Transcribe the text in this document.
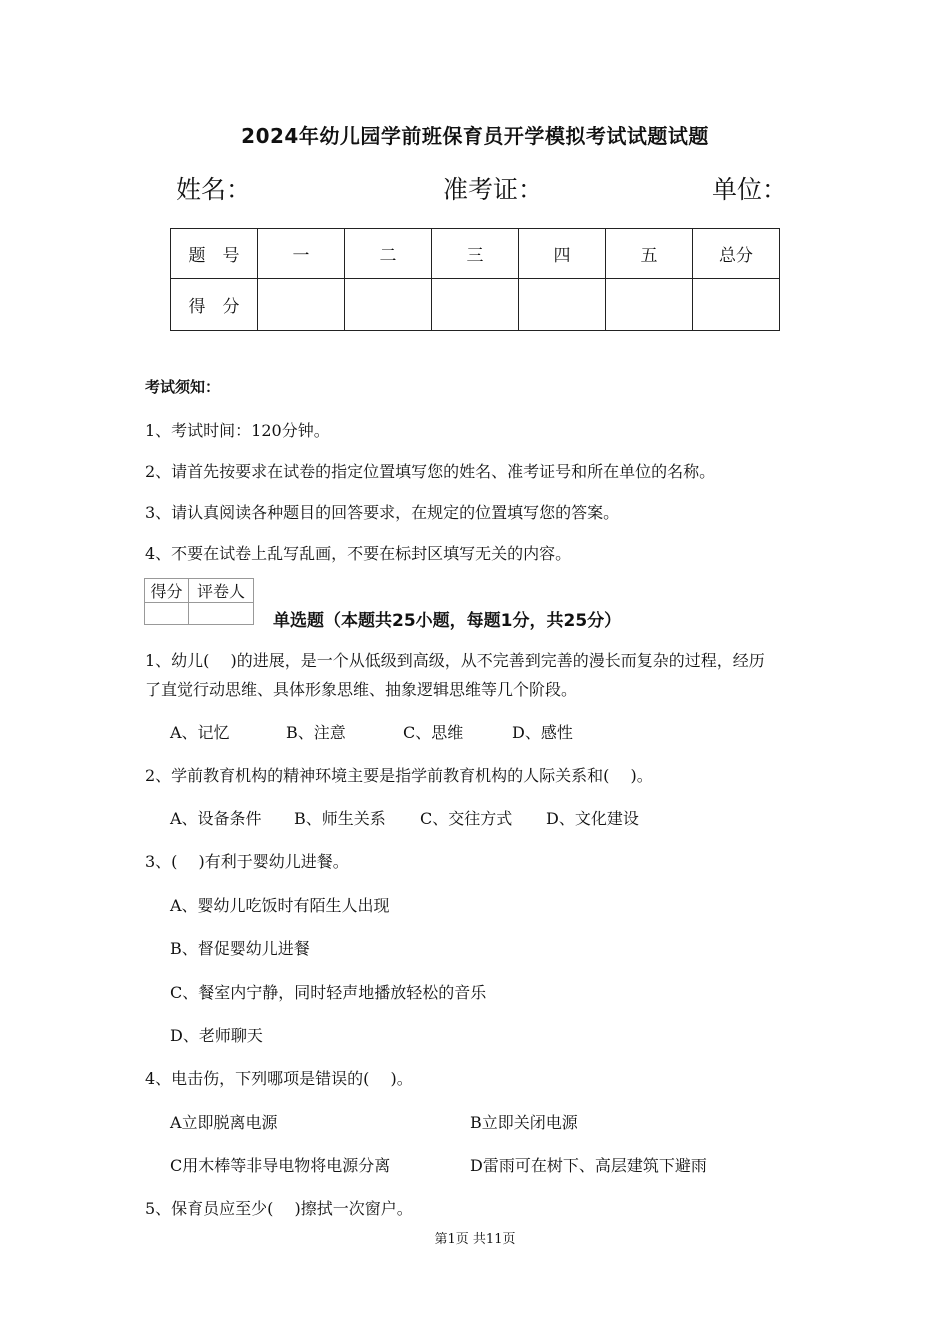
2024年幼儿园学前班保育员开学模拟考试试题试题
姓名：	准考证：	单位：
题　号	一	二	三	四	五	总分
得　分						
考试须知：
1、考试时间：120分钟。
2、请首先按要求在试卷的指定位置填写您的姓名、准考证号和所在单位的名称。
3、请认真阅读各种题目的回答要求，在规定的位置填写您的答案。
4、不要在试卷上乱写乱画，不要在标封区填写无关的内容。
得分	评卷人

单选题（本题共25小题，每题1分，共25分）
1、幼儿(　 )的进展，是一个从低级到高级，从不完善到完善的漫长而复杂的过程，经历
了直觉行动思维、具体形象思维、抽象逻辑思维等几个阶段。
A、记忆	B、注意	C、思维	D、感性
2、学前教育机构的精神环境主要是指学前教育机构的人际关系和(　 )。
A、设备条件 B、师生关系 C、交往方式 D、文化建设
3、(　 )有利于婴幼儿进餐。
A、婴幼儿吃饭时有陌生人出现
B、督促婴幼儿进餐
C、餐室内宁静，同时轻声地播放轻松的音乐
D、老师聊天
4、电击伤，下列哪项是错误的(　 )。
A立即脱离电源	B立即关闭电源
C用木棒等非导电物将电源分离	D雷雨可在树下、高层建筑下避雨
5、保育员应至少(　 )擦拭一次窗户。
第1页 共11页
